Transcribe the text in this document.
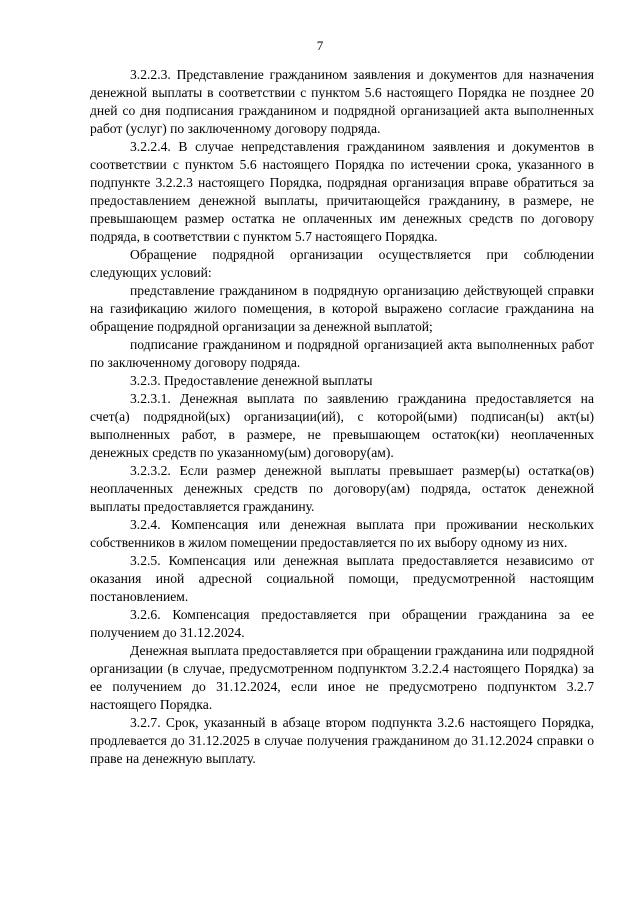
7

3.2.2.3. Представление гражданином заявления и документов для назначения денежной выплаты в соответствии с пунктом 5.6 настоящего Порядка не позднее 20 дней со дня подписания гражданином и подрядной организацией акта выполненных работ (услуг) по заключенному договору подряда.

3.2.2.4. В случае непредставления гражданином заявления и документов в соответствии с пунктом 5.6 настоящего Порядка по истечении срока, указанного в подпункте 3.2.2.3 настоящего Порядка, подрядная организация вправе обратиться за предоставлением денежной выплаты, причитающейся гражданину, в размере, не превышающем размер остатка не оплаченных им денежных средств по договору подряда, в соответствии с пунктом 5.7 настоящего Порядка.

Обращение подрядной организации осуществляется при соблюдении следующих условий:

представление гражданином в подрядную организацию действующей справки на газификацию жилого помещения, в которой выражено согласие гражданина на обращение подрядной организации за денежной выплатой;

подписание гражданином и подрядной организацией акта выполненных работ по заключенному договору подряда.

3.2.3. Предоставление денежной выплаты

3.2.3.1. Денежная выплата по заявлению гражданина предоставляется на счет(а) подрядной(ых) организации(ий), с которой(ыми) подписан(ы) акт(ы) выполненных работ, в размере, не превышающем остаток(ки) неоплаченных денежных средств по указанному(ым) договору(ам).

3.2.3.2. Если размер денежной выплаты превышает размер(ы) остатка(ов) неоплаченных денежных средств по договору(ам) подряда, остаток денежной выплаты предоставляется гражданину.

3.2.4. Компенсация или денежная выплата при проживании нескольких собственников в жилом помещении предоставляется по их выбору одному из них.

3.2.5. Компенсация или денежная выплата предоставляется независимо от оказания иной адресной социальной помощи, предусмотренной настоящим постановлением.

3.2.6. Компенсация предоставляется при обращении гражданина за ее получением до 31.12.2024.

Денежная выплата предоставляется при обращении гражданина или подрядной организации (в случае, предусмотренном подпунктом 3.2.2.4 настоящего Порядка) за ее получением до 31.12.2024, если иное не предусмотрено подпунктом 3.2.7 настоящего Порядка.

3.2.7. Срок, указанный в абзаце втором подпункта 3.2.6 настоящего Порядка, продлевается до 31.12.2025 в случае получения гражданином до 31.12.2024 справки о праве на денежную выплату.
